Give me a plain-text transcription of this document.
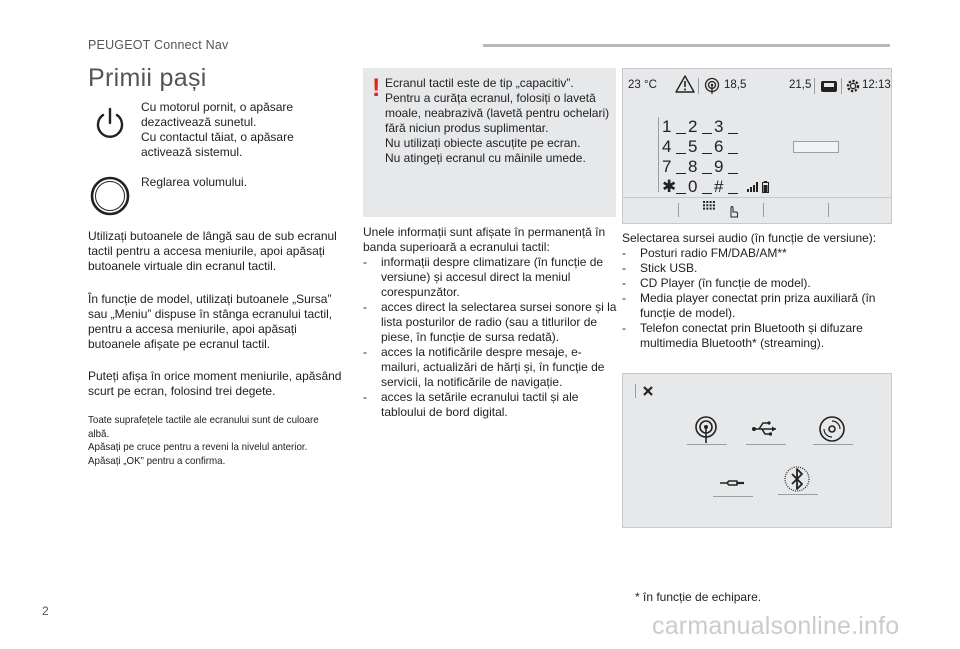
PEUGEOT Connect Nav
Primii pași
Cu motorul pornit, o apăsare dezactivează sunetul.
Cu contactul tăiat, o apăsare activează sistemul.
Reglarea volumului.

Utilizați butoanele de lângă sau de sub ecranul tactil pentru a accesa meniurile, apoi apăsați butoanele virtuale din ecranul tactil.

În funcție de model, utilizați butoanele „Sursa” sau „Meniu” dispuse în stânga ecranului tactil, pentru a accesa meniurile, apoi apăsați butoanele afișate pe ecranul tactil.

Puteți afișa în orice moment meniurile, apăsând scurt pe ecran, folosind trei degete.

Toate suprafețele tactile ale ecranului sunt de culoare albă.
Apăsați pe cruce pentru a reveni la nivelul anterior.
Apăsați „OK” pentru a confirma.
! Ecranul tactil este de tip „capacitiv”.
Pentru a curăța ecranul, folosiți o lavetă moale, neabrazivă (lavetă pentru ochelari) fără niciun produs suplimentar.
Nu utilizați obiecte ascuțite pe ecran.
Nu atingeți ecranul cu mâinile umede.
Unele informații sunt afișate în permanență în banda superioară a ecranului tactil:
- informații despre climatizare (în funcție de versiune) și accesul direct la meniul corespunzător.
- acces direct la selectarea sursei sonore și la lista posturilor de radio (sau a titlurilor de piese, în funcție de sursa redată).
- acces la notificările despre mesaje, e-mailuri, actualizări de hărți și, în funcție de servicii, la notificările de navigație.
- acces la setările ecranului tactil și ale tabloului de bord digital.
23 °C	18,5	21,5	12:13
1 2 3
4 5 6
7 8 9
✱ 0 #
Selectarea sursei audio (în funcție de versiune):
- Posturi radio FM/DAB/AM**
- Stick USB.
- CD Player (în funcție de model).
- Media player conectat prin priza auxiliară (în funcție de model).
- Telefon conectat prin Bluetooth și difuzare multimedia Bluetooth* (streaming).
* în funcție de echipare.
2
carmanualsonline.info
